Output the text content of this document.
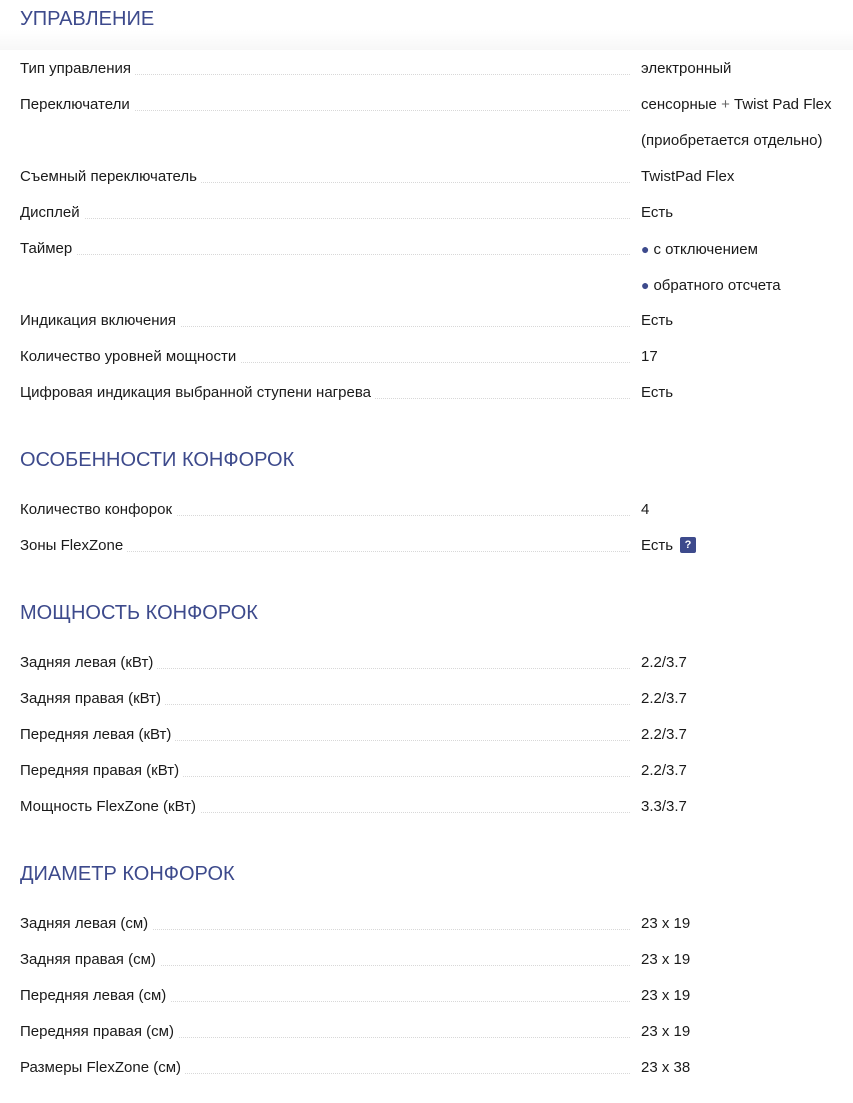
УПРАВЛЕНИЕ
Тип управления	электронный
Переключатели	сенсорные + Twist Pad Flex
(приобретается отдельно)
Съемный переключатель	TwistPad Flex
Дисплей	Есть
Таймер	● с отключением
● обратного отсчета
Индикация включения	Есть
Количество уровней мощности	17
Цифровая индикация выбранной ступени нагрева	Есть
ОСОБЕННОСТИ КОНФОРОК
Количество конфорок	4
Зоны FlexZone	Есть ?
МОЩНОСТЬ КОНФОРОК
Задняя левая (кВт)	2.2/3.7
Задняя правая (кВт)	2.2/3.7
Передняя левая (кВт)	2.2/3.7
Передняя правая (кВт)	2.2/3.7
Мощность FlexZone (кВт)	3.3/3.7
ДИАМЕТР КОНФОРОК
Задняя левая (см)	23 x 19
Задняя правая (см)	23 x 19
Передняя левая (см)	23 x 19
Передняя правая (см)	23 x 19
Размеры FlexZone (см)	23 x 38
